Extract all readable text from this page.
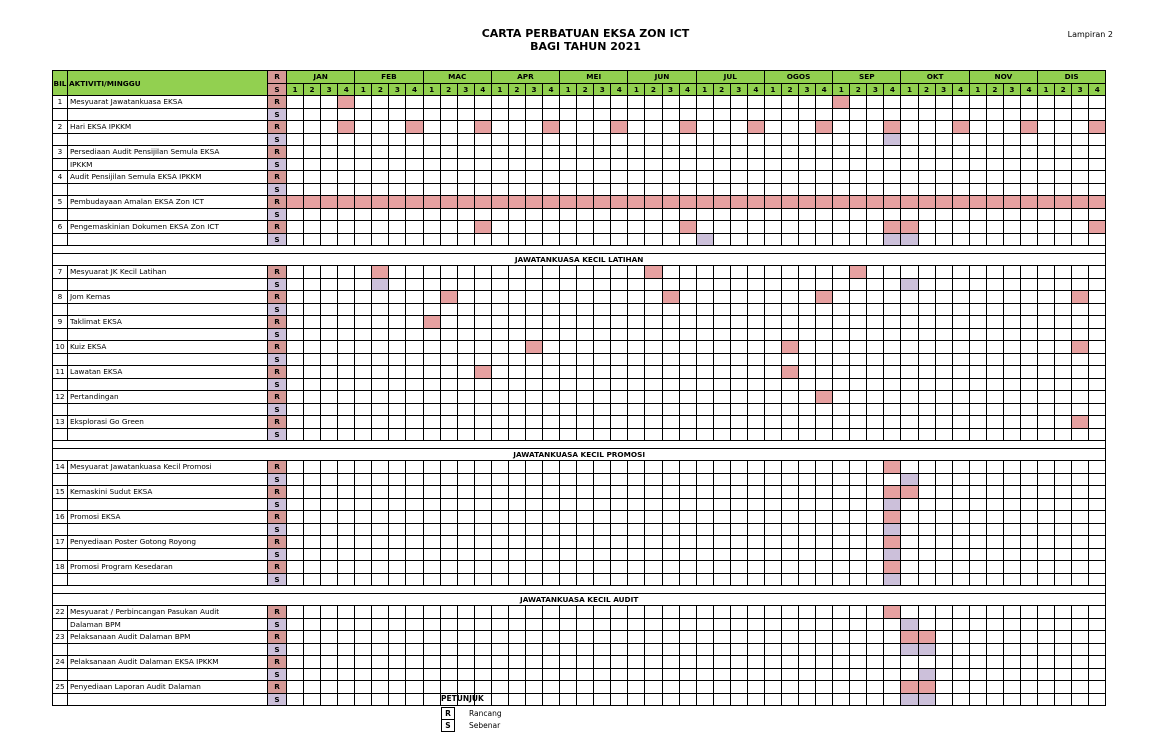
CARTA PERBATUAN EKSA ZON ICT
BAGI TAHUN 2021
Lampiran 2
BIL	AKTIVITI/MINGGU	R	JAN				FEB				MAC				APR				MEI				JUN				JUL				OGOS				SEP				OKT				NOV				DIS			
		S	1	2	3	4	1	2	3	4	1	2	3	4	1	2	3	4	1	2	3	4	1	2	3	4	1	2	3	4	1	2	3	4	1	2	3	4	1	2	3	4	1	2	3	4	1	2	3	4
1	Mesyuarat Jawatankuasa EKSA	R																																																
		S																																																
2	Hari EKSA IPKKM	R																																																
		S																																																
3	Persediaan Audit Pensijilan Semula EKSA	R																																																
	IPKKM	S																																																
4	Audit Pensijilan Semula EKSA IPKKM	R																																																
		S																																																
5	Pembudayaan Amalan EKSA Zon ICT	R																																																
		S																																																
6	Pengemaskinian Dokumen EKSA Zon ICT	R																																																
		S																																																

JAWATANKUASA KECIL LATIHAN																																																		
7	Mesyuarat JK Kecil Latihan	R																																																
		S																																																
8	Jom Kemas	R																																																
		S																																																
9	Taklimat EKSA	R																																																
		S																																																
10	Kuiz EKSA	R																																																
		S																																																
11	Lawatan EKSA	R																																																
		S																																																
12	Pertandingan	R																																																
		S																																																
13	Eksplorasi Go Green	R																																																
		S																																																

JAWATANKUASA KECIL PROMOSI																																																		
14	Mesyuarat Jawatankuasa Kecil Promosi	R																																																
		S																																																
15	Kemaskini Sudut EKSA	R																																																
		S																																																
16	Promosi EKSA	R																																																
		S																																																
17	Penyediaan Poster Gotong Royong	R																																																
		S																																																
18	Promosi Program Kesedaran	R																																																
		S																																																

JAWATANKUASA KECIL AUDIT																																																		
22	Mesyuarat / Perbincangan Pasukan Audit	R																																																
	Dalaman BPM	S																																																
23	Pelaksanaan Audit Dalaman BPM	R																																																
		S																																																
24	Pelaksanaan Audit Dalaman EKSA IPKKM	R																																																
		S																																																
25	Penyediaan Laporan Audit Dalaman	R																																																
		S																																																	PETUNJUK
R	Rancang
S	Sebenar
